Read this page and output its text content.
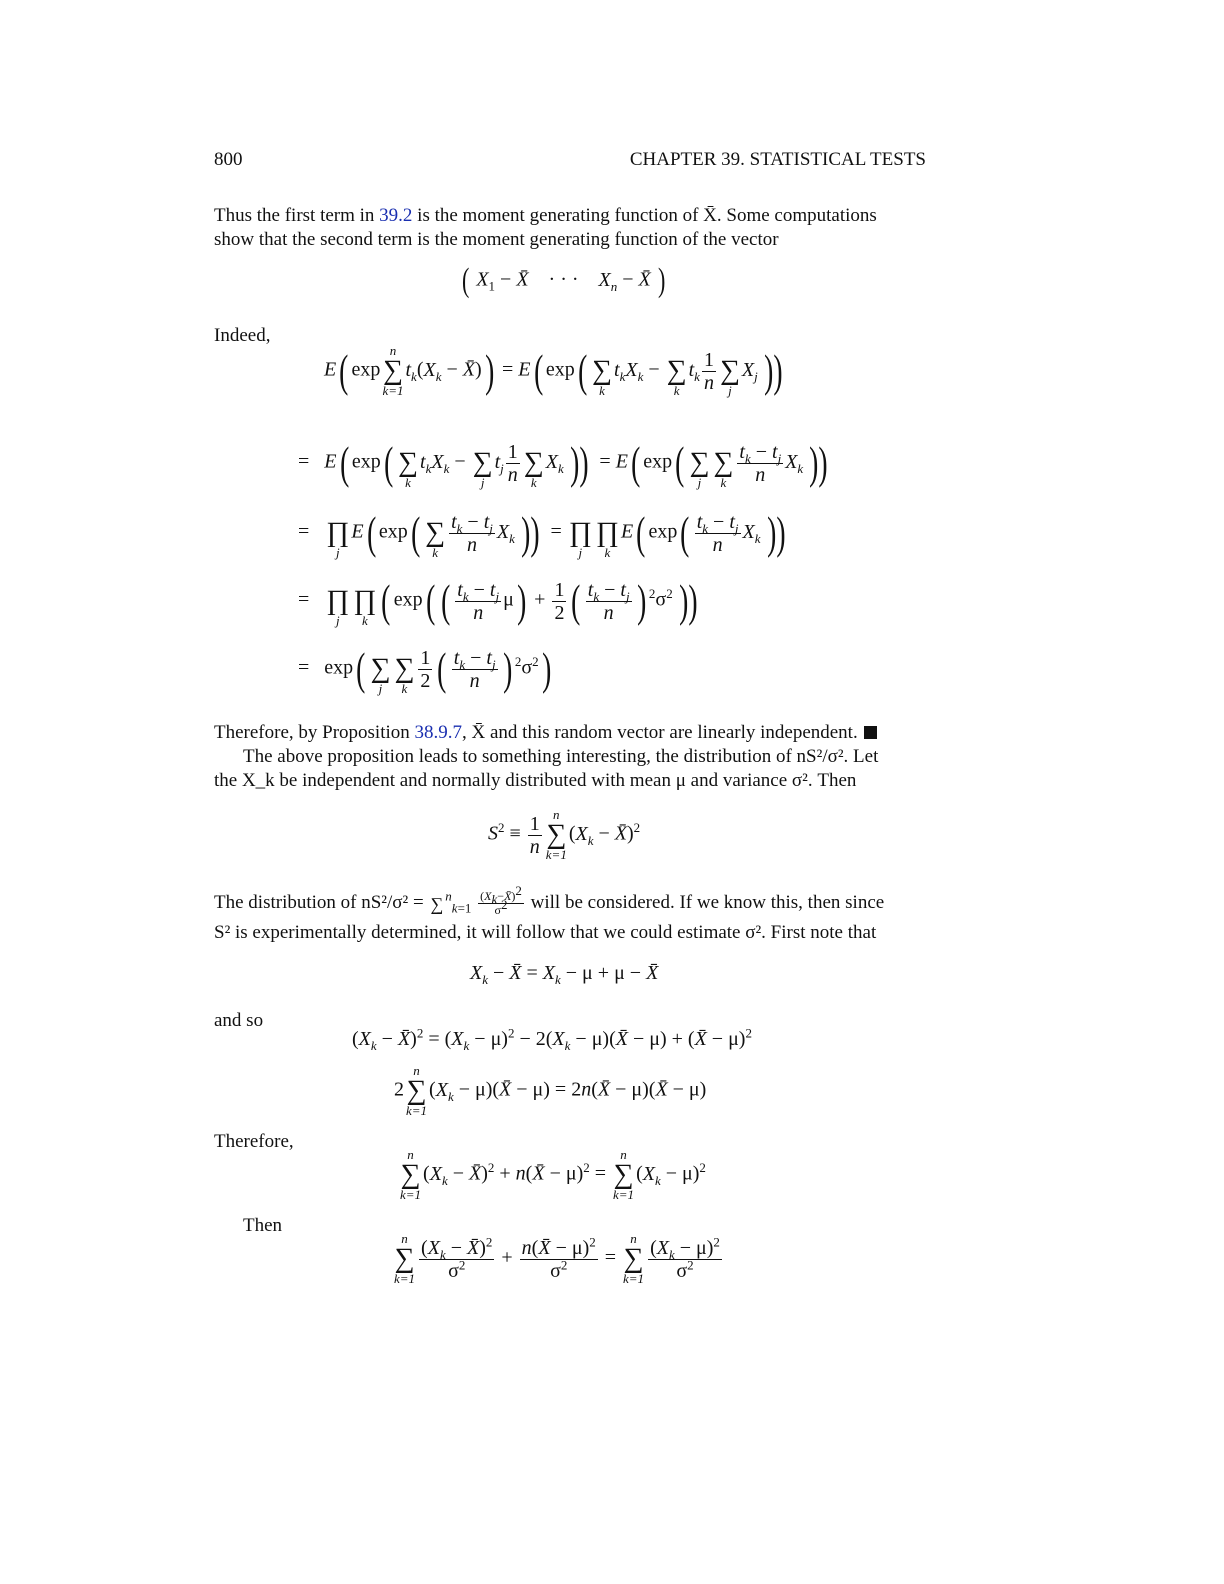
800	CHAPTER 39. STATISTICAL TESTS
Thus the first term in 39.2 is the moment generating function of X̄. Some computations
show that the second term is the moment generating function of the vector
( $X_1$ − X̄    · · ·    $X_n$ − X̄ )
Indeed,
E( exp
n
∑
k=1
$t_k(X_k$ − X̄)) = E( exp(
∑
k
$t_kX_k$ −
∑
k
$t_k \frac{1}{n}$
∑
j
$X_j$ ))
=   E( exp(
∑
k
$t_kX_k$ −
∑
j
$t_j \frac{1}{n}$
∑
k
$X_k$ )) = E( exp(
∑
j

∑
k $\frac{t_k - t_j}{n} X_k$ ))
=
∏
j
E( exp(
∑
k $\frac{t_k - t_j}{n} X_k$ )) =
∏
j

∏
k
E( $\exp( \frac{t_k - t_j}{n} X_k$ ))
=
∏
j

∏
k ( exp( ( $\frac{t_k - t_j}{n} \mu) + \frac{1}{2}$ ( $\frac{t_k - t_j}{n}$ ) $^2\sigma^2$ ))
=   exp(
∑
j

∑
k $\frac{1}{2}$ ( $\frac{t_k - t_j}{n}$ ) $^2\sigma^2$)
Therefore, by Proposition 38.9.7, X̄ and this random vector are linearly independent.
The above proposition leads to something interesting, the distribution of nS²/σ². Let
the X_k be independent and normally distributed with mean μ and variance σ². Then
$S^2 \equiv \frac{1}{n}$ n
∑
k=1
($X_k$ − X̄)$^2$
The distribution of nS²/σ² = ∑ $^n_{k=1} \frac{(X_k-X̄)^2}{\sigma^2}$ will be considered. If we know this, then since
S² is experimentally determined, it will follow that we could estimate σ². First note that
$X_k$ − X̄ = $X_k - \mu + \mu$ − X̄
and so
($X_k$ − X̄)$^2$ = $(X_k - \mu)^2 - 2(X_k$ − μ)(X̄ − μ) + (X̄ − μ)$^2$
2
n
∑
k=1
($X_k$ − μ)(X̄ − μ) = 2n(X̄ − μ)(X̄ − μ)
Therefore,
n
∑
k=1
($X_k$ − X̄)$^2$ + n(X̄ − μ)$^2$ =
n
∑
k=1
$(X_k - \mu)^2$
Then
n
∑
$k=1 \frac{(X_k - X̄)^2}{\sigma^2} + \frac{n(X̄ - \mu)^2}{\sigma^2}$ =
n
∑
$k=1 \frac{(X_k - \mu)^2}{\sigma^2}$
